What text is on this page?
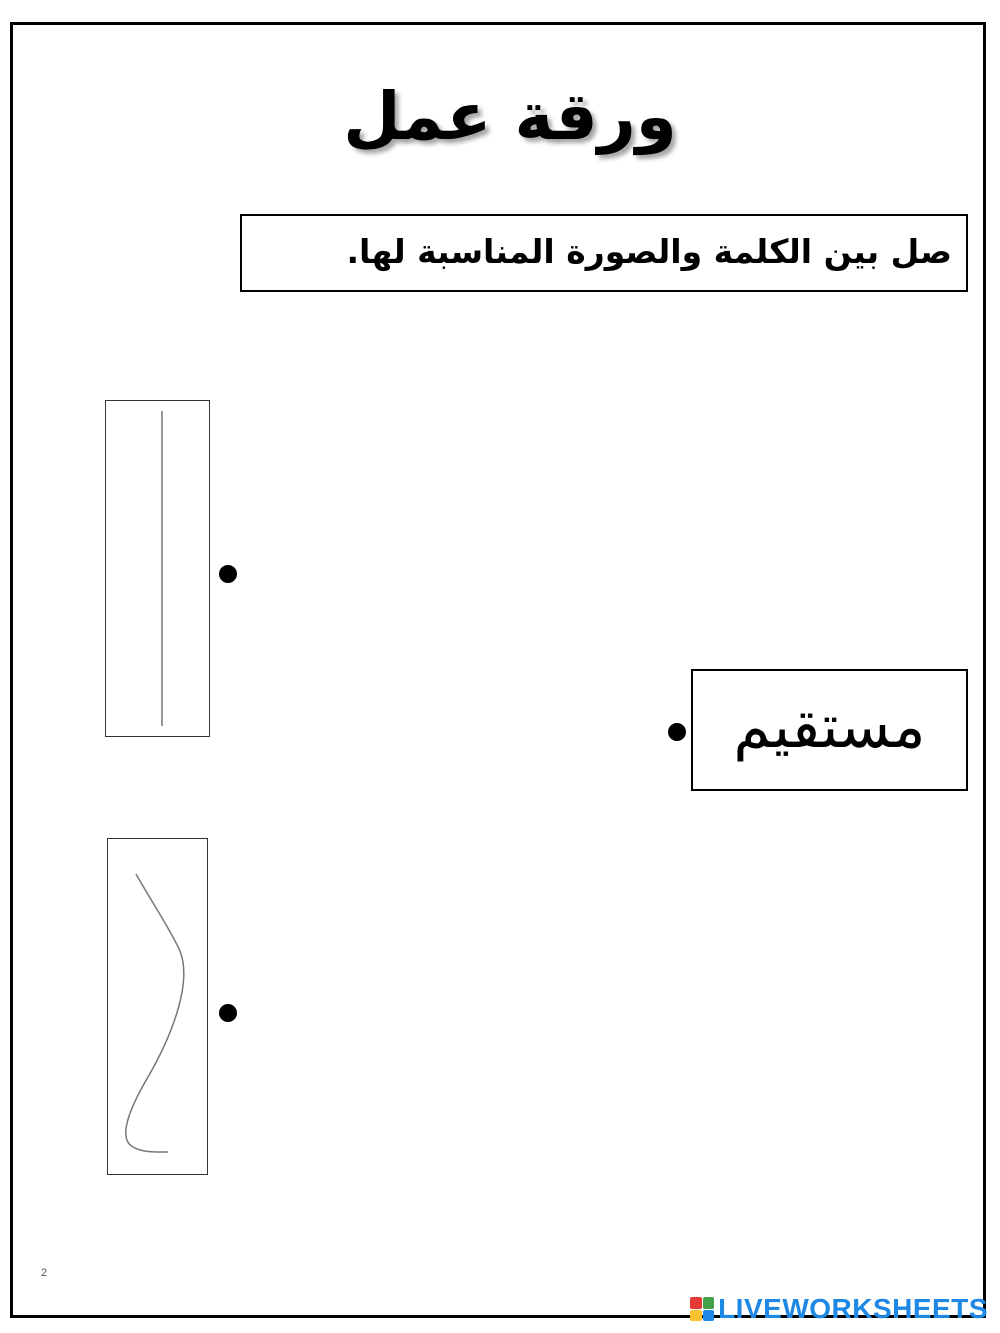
ورقة عمل
صل بين الكلمة والصورة المناسبة لها.
مستقيم
2
LIVEWORKSHEETS
